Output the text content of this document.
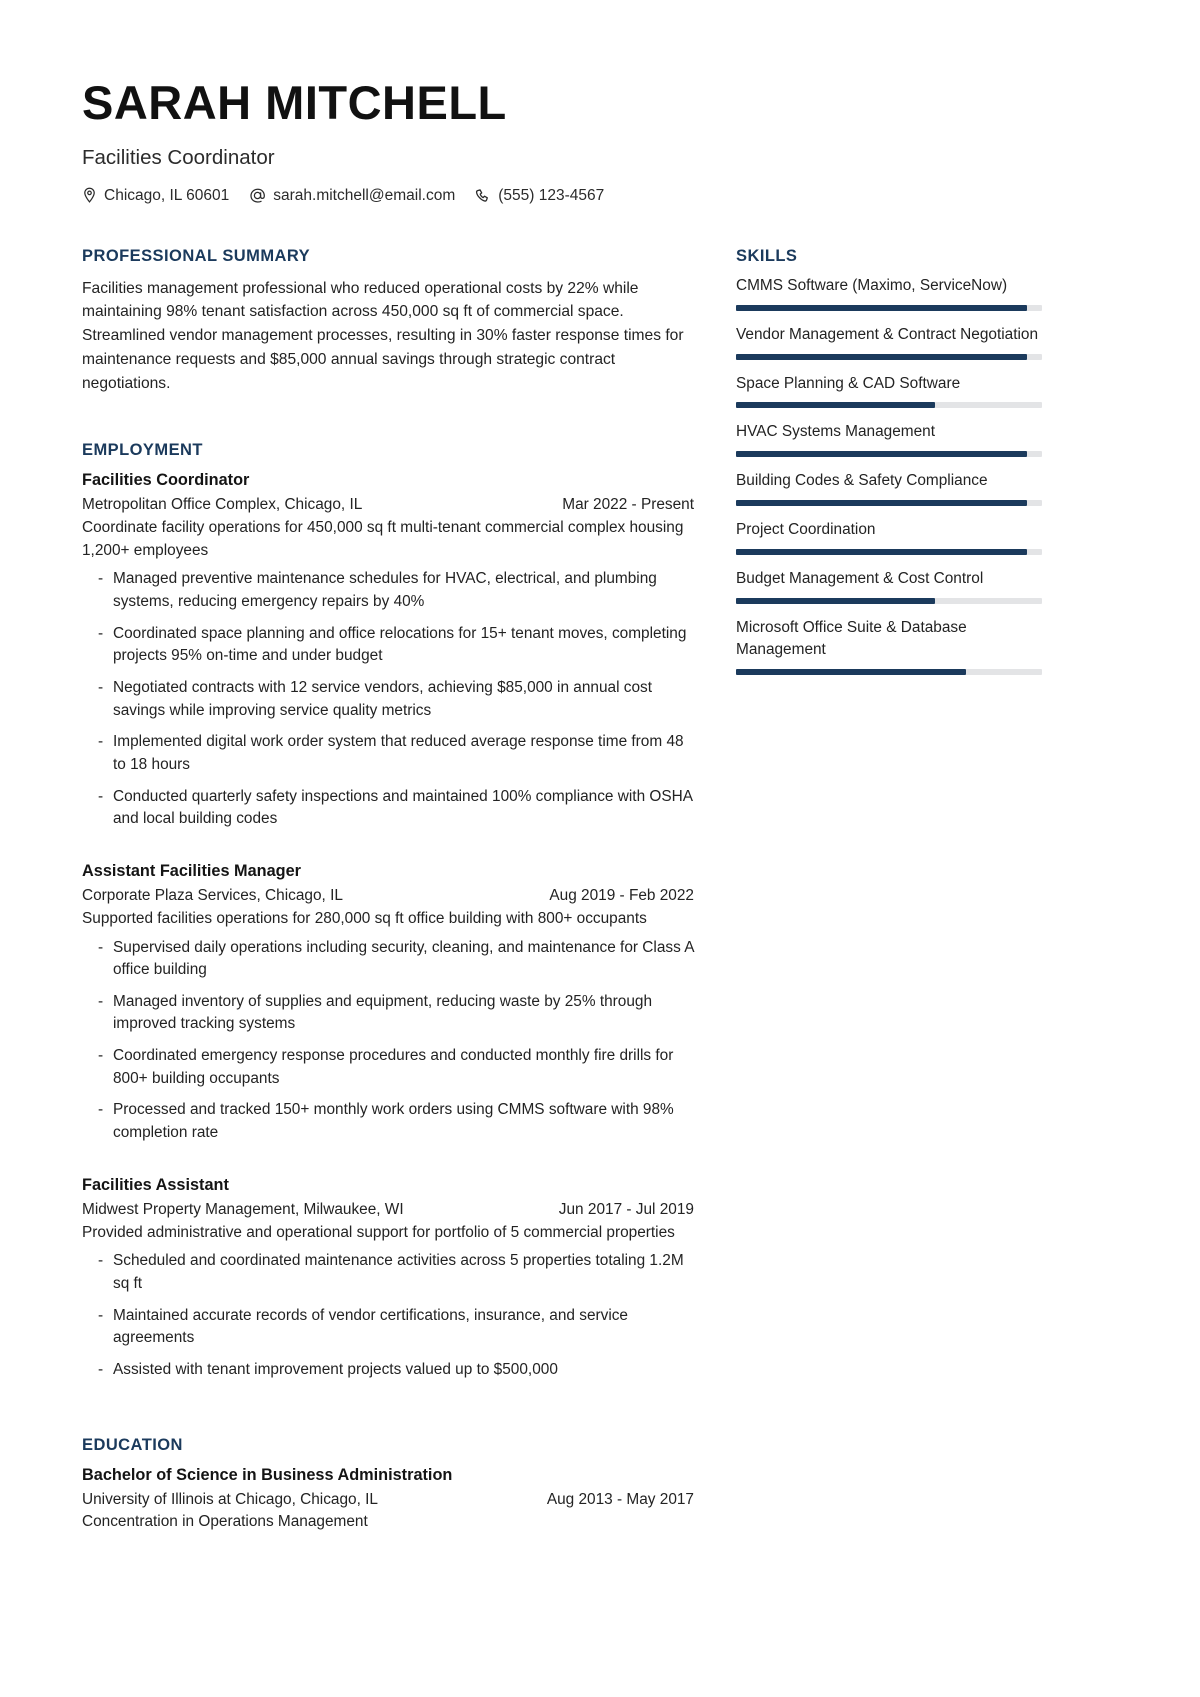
SARAH MITCHELL
Facilities Coordinator
Chicago, IL 60601	sarah.mitchell@email.com	(555) 123-4567
PROFESSIONAL SUMMARY

Facilities management professional who reduced operational costs by 22% while maintaining 98% tenant satisfaction across 450,000 sq ft of commercial space. Streamlined vendor management processes, resulting in 30% faster response times for maintenance requests and $85,000 annual savings through strategic contract negotiations.

EMPLOYMENT
Facilities Coordinator
Metropolitan Office Complex, Chicago, IL	Mar 2022 - Present
Coordinate facility operations for 450,000 sq ft multi-tenant commercial complex housing 1,200+ employees
- Managed preventive maintenance schedules for HVAC, electrical, and plumbing systems, reducing emergency repairs by 40%
- Coordinated space planning and office relocations for 15+ tenant moves, completing projects 95% on-time and under budget
- Negotiated contracts with 12 service vendors, achieving $85,000 in annual cost savings while improving service quality metrics
- Implemented digital work order system that reduced average response time from 48 to 18 hours
- Conducted quarterly safety inspections and maintained 100% compliance with OSHA and local building codes
Assistant Facilities Manager
Corporate Plaza Services, Chicago, IL	Aug 2019 - Feb 2022
Supported facilities operations for 280,000 sq ft office building with 800+ occupants
- Supervised daily operations including security, cleaning, and maintenance for Class A office building
- Managed inventory of supplies and equipment, reducing waste by 25% through improved tracking systems
- Coordinated emergency response procedures and conducted monthly fire drills for 800+ building occupants
- Processed and tracked 150+ monthly work orders using CMMS software with 98% completion rate
Facilities Assistant
Midwest Property Management, Milwaukee, WI	Jun 2017 - Jul 2019
Provided administrative and operational support for portfolio of 5 commercial properties
- Scheduled and coordinated maintenance activities across 5 properties totaling 1.2M sq ft
- Maintained accurate records of vendor certifications, insurance, and service agreements
- Assisted with tenant improvement projects valued up to $500,000
EDUCATION
Bachelor of Science in Business Administration
University of Illinois at Chicago, Chicago, IL	Aug 2013 - May 2017
Concentration in Operations Management
SKILLS
CMMS Software (Maximo, ServiceNow)
Vendor Management & Contract Negotiation
Space Planning & CAD Software
HVAC Systems Management
Building Codes & Safety Compliance
Project Coordination
Budget Management & Cost Control
Microsoft Office Suite & Database Management
